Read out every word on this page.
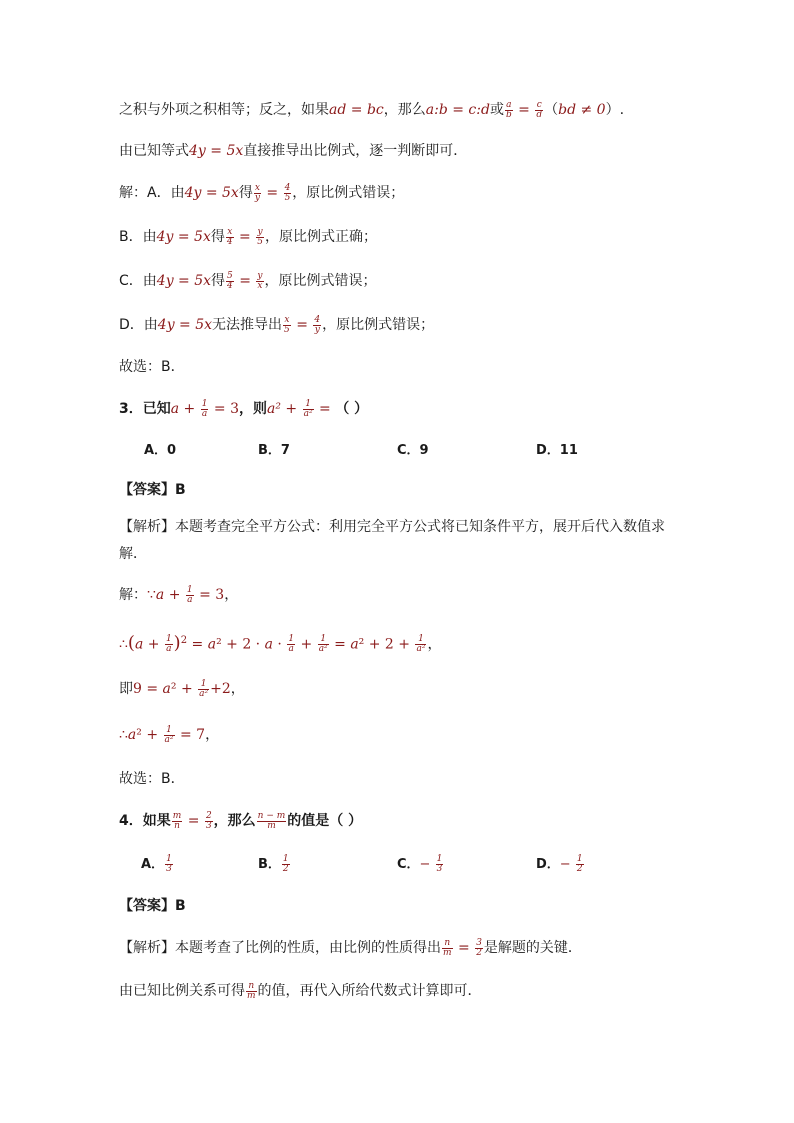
之积与外项之积相等；反之，如果ad = bc，那么a:b = c:d或 $\frac{a}{b} = \frac{c}{d} (bd \ne 0)$.
由已知等式4y = 5x直接推导出比例式，逐一判断即可．
解：A．由4y = 5x得 $\frac{x}{y} = \frac{4}{5}$ ，原比例式错误；
B．由4y = 5x得 $\frac{x}{4} = \frac{y}{5}$ ，原比例式正确；
C．由4y = 5x得 $\frac{5}{4} = \frac{y}{x}$ ，原比例式错误；
D．由4y = 5x无法推导出 $\frac{x}{5} = \frac{4}{y}$ ，原比例式错误；
故选：B．
3．已知$a + \frac{1}{a} = 3$，则$a^2 + \frac{1}{\text{a²}}$ = （ ）
A．0	B．7	C．9	D．11
【答案】B
【解析】本题考查完全平方公式：利用完全平方公式将已知条件平方，展开后代入数值求
解．
解：∵a + $\frac{1}{a} = 3$，
∴(a + $\frac{1}{a} )^2 = a^2 + 2 \cdot a \cdot \frac{1}{a} + \frac{1}{\text{a²}} = a^2 + 2 + \frac{1}{\text{a²}}$ ，
即$9 = a^2 + \frac{1}{\text{a²}} +2$，
∴a² + $\frac{1}{\text{a²}} = 7$，
故选：B．
4．如果 $\frac{m}{n} = \frac{2}{3}$ ，那么 $\frac{n - m}{m}$ 的值是（ ）
A． $\frac{1}{3}$	B． $\frac{1}{2}$	C．− $\frac{1}{3}$	D．− $\frac{1}{2}$
【答案】B
【解析】本题考查了比例的性质，由比例的性质得出 $\frac{n}{m} = \frac{3}{2}$ 是解题的关键．
由已知比例关系可得 $\frac{n}{m}$ 的值，再代入所给代数式计算即可．
